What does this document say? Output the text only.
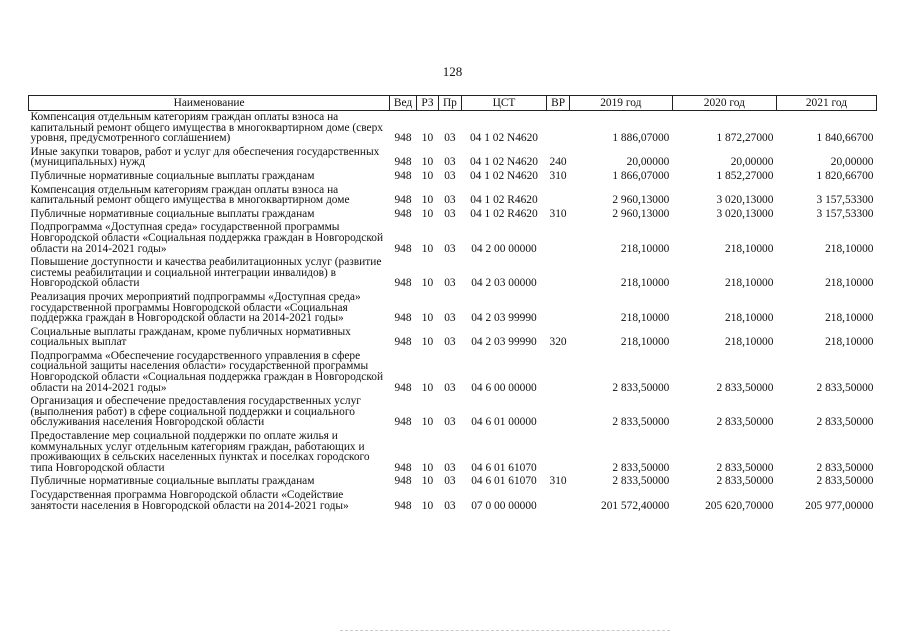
128
Наименование	Вед	РЗ	Пр	ЦСТ	ВР	2019 год	2020 год	2021 год
Компенсация отдельным категориям граждан оплаты взноса на капитальный ремонт общего имущества в многоквартирном доме (сверх уровня, предусмотренного соглашением)	948	10	03	04 1 02 N4620		1 886,07000	1 872,27000	1 840,66700
Иные закупки товаров, работ и услуг для обеспечения государственных (муниципальных) нужд	948	10	03	04 1 02 N4620	240	20,00000	20,00000	20,00000
Публичные нормативные социальные выплаты гражданам	948	10	03	04 1 02 N4620	310	1 866,07000	1 852,27000	1 820,66700
Компенсация отдельным категориям граждан оплаты взноса на капитальный ремонт общего имущества в многоквартирном доме	948	10	03	04 1 02 R4620		2 960,13000	3 020,13000	3 157,53300
Публичные нормативные социальные выплаты гражданам	948	10	03	04 1 02 R4620	310	2 960,13000	3 020,13000	3 157,53300
Подпрограмма «Доступная среда» государственной программы Новгородской области «Социальная поддержка граждан в Новгородской области на 2014-2021 годы»	948	10	03	04 2 00 00000		218,10000	218,10000	218,10000
Повышение доступности и качества реабилитационных услуг (развитие системы реабилитации и социальной интеграции инвалидов) в Новгородской области	948	10	03	04 2 03 00000		218,10000	218,10000	218,10000
Реализация прочих мероприятий подпрограммы «Доступная среда» государственной программы Новгородской области «Социальная поддержка граждан в Новгородской области на 2014-2021 годы»	948	10	03	04 2 03 99990		218,10000	218,10000	218,10000
Социальные выплаты гражданам, кроме публичных нормативных социальных выплат	948	10	03	04 2 03 99990	320	218,10000	218,10000	218,10000
Подпрограмма «Обеспечение государственного управления в сфере социальной защиты населения области» государственной программы Новгородской области «Социальная поддержка граждан в Новгородской области на 2014-2021 годы»	948	10	03	04 6 00 00000		2 833,50000	2 833,50000	2 833,50000
Организация и обеспечение предоставления государственных услуг (выполнения работ) в сфере социальной поддержки и социального обслуживания населения Новгородской области	948	10	03	04 6 01 00000		2 833,50000	2 833,50000	2 833,50000
Предоставление мер социальной поддержки по оплате жилья и коммунальных услуг отдельным категориям граждан, работающих и проживающих в сельских населенных пунктах и поселках городского типа Новгородской области	948	10	03	04 6 01 61070		2 833,50000	2 833,50000	2 833,50000
Публичные нормативные социальные выплаты гражданам	948	10	03	04 6 01 61070	310	2 833,50000	2 833,50000	2 833,50000
Государственная программа Новгородской области «Содействие занятости населения в Новгородской области на 2014-2021 годы»	948	10	03	07 0 00 00000		201 572,40000	205 620,70000	205 977,00000
